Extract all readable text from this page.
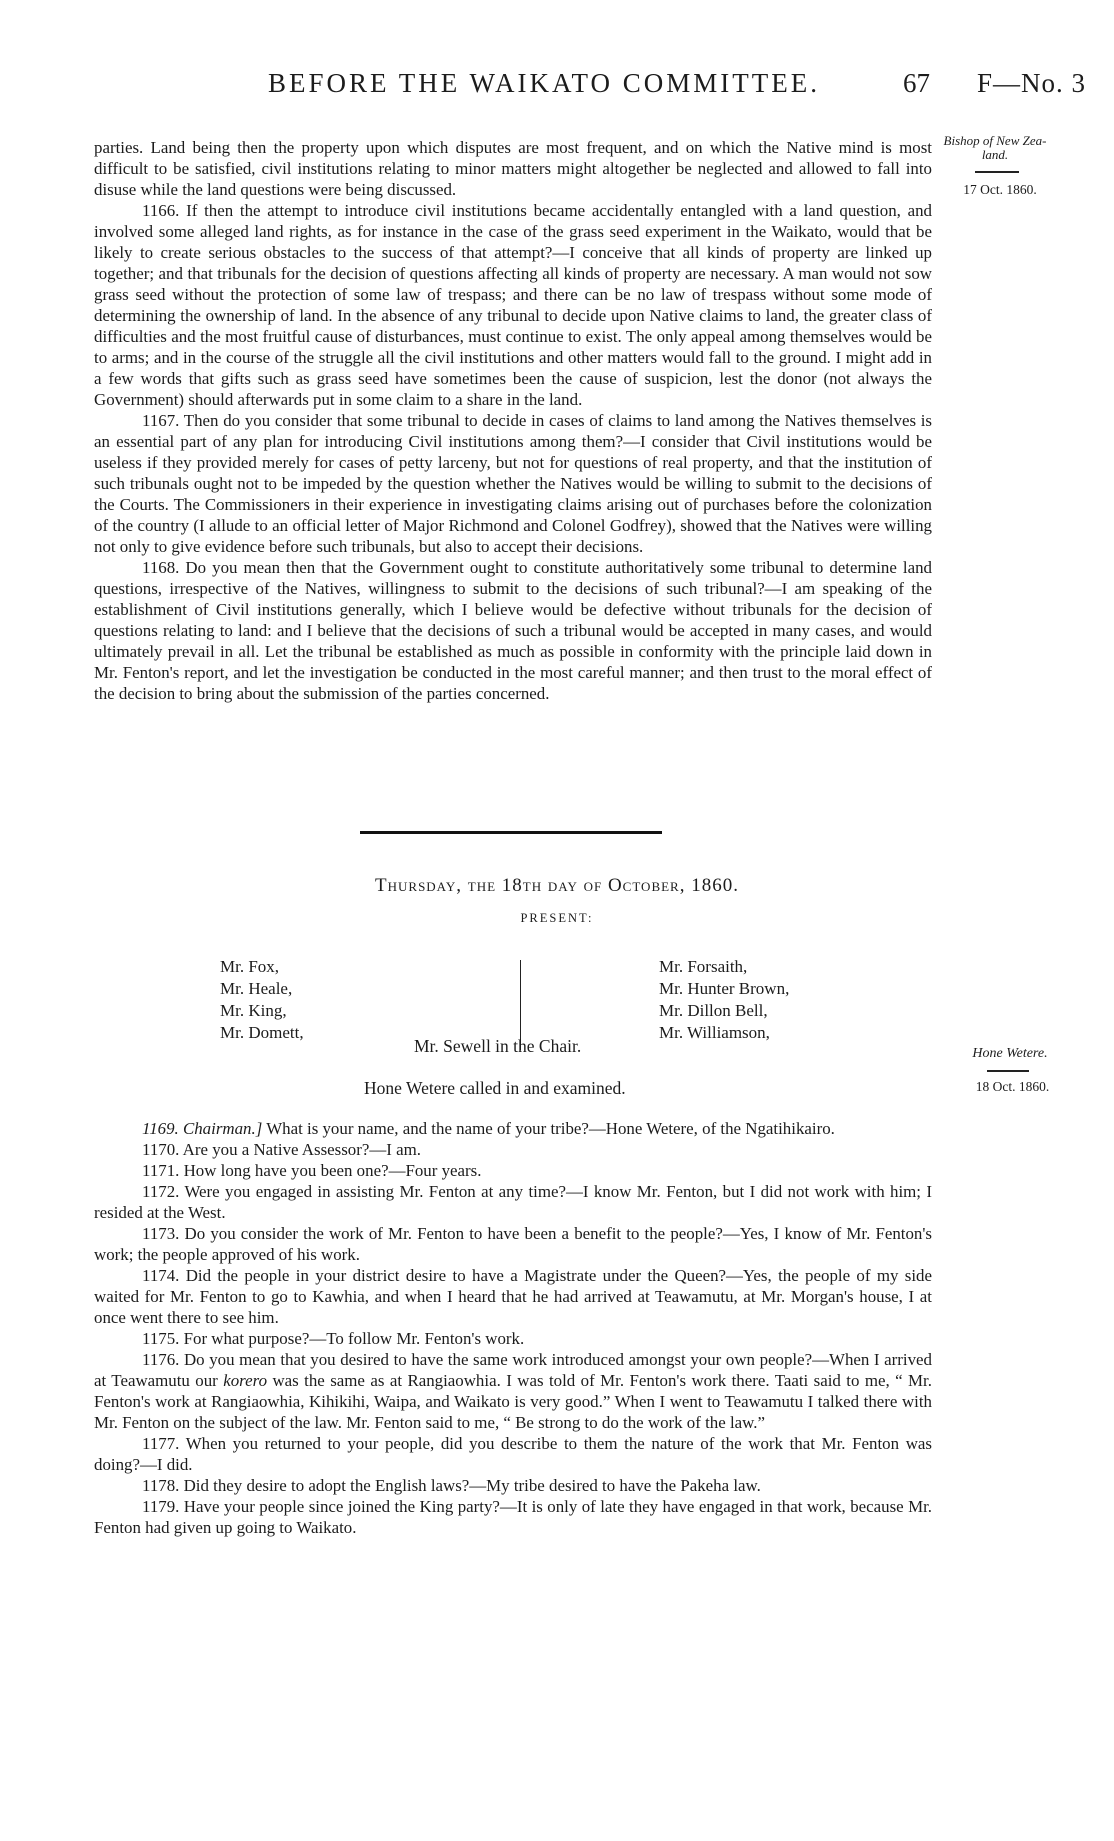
BEFORE THE WAIKATO COMMITTEE.	67 F—No. 3
Bishop of New Zea-land.
17 Oct. 1860.

parties. Land being then the property upon which disputes are most frequent, and on which the Native mind is most difficult to be satisfied, civil institutions relating to minor matters might altogether be neglected and allowed to fall into disuse while the land questions were being discussed.

1166. If then the attempt to introduce civil institutions became accidentally entangled with a land question, and involved some alleged land rights, as for instance in the case of the grass seed experiment in the Waikato, would that be likely to create serious obstacles to the success of that attempt?—I conceive that all kinds of property are linked up together; and that tribunals for the decision of questions affecting all kinds of property are necessary. A man would not sow grass seed without the protection of some law of trespass; and there can be no law of trespass without some mode of determining the ownership of land. In the absence of any tribunal to decide upon Native claims to land, the greater class of difficulties and the most fruitful cause of disturbances, must continue to exist. The only appeal among themselves would be to arms; and in the course of the struggle all the civil institutions and other matters would fall to the ground. I might add in a few words that gifts such as grass seed have sometimes been the cause of suspicion, lest the donor (not always the Government) should afterwards put in some claim to a share in the land.

1167. Then do you consider that some tribunal to decide in cases of claims to land among the Natives themselves is an essential part of any plan for introducing Civil institutions among them?—I consider that Civil institutions would be useless if they provided merely for cases of petty larceny, but not for questions of real property, and that the institution of such tribunals ought not to be impeded by the question whether the Natives would be willing to submit to the decisions of the Courts. The Commissioners in their experience in investigating claims arising out of purchases before the colonization of the country (I allude to an official letter of Major Richmond and Colonel Godfrey), showed that the Natives were willing not only to give evidence before such tribunals, but also to accept their decisions.

1168. Do you mean then that the Government ought to constitute authoritatively some tribunal to determine land questions, irrespective of the Natives, willingness to submit to the decisions of such tribunal?—I am speaking of the establishment of Civil institutions generally, which I believe would be defective without tribunals for the decision of questions relating to land: and I believe that the decisions of such a tribunal would be accepted in many cases, and would ultimately prevail in all. Let the tribunal be established as much as possible in conformity with the principle laid down in Mr. Fenton's report, and let the investigation be conducted in the most careful manner; and then trust to the moral effect of the decision to bring about the submission of the parties concerned.

Thursday, the 18th day of October, 1860.
PRESENT:
Mr. Fox,
Mr. Heale,
Mr. King,
Mr. Domett,
Mr. Forsaith,
Mr. Hunter Brown,
Mr. Dillon Bell,
Mr. Williamson,
Mr. Sewell in the Chair.
Hone Wetere called in and examined.
Hone Wetere.
18 Oct. 1860.

1169. Chairman.] What is your name, and the name of your tribe?—Hone Wetere, of the Ngatihikairo.

1170. Are you a Native Assessor?—I am.

1171. How long have you been one?—Four years.

1172. Were you engaged in assisting Mr. Fenton at any time?—I know Mr. Fenton, but I did not work with him; I resided at the West.

1173. Do you consider the work of Mr. Fenton to have been a benefit to the people?—Yes, I know of Mr. Fenton's work; the people approved of his work.

1174. Did the people in your district desire to have a Magistrate under the Queen?—Yes, the people of my side waited for Mr. Fenton to go to Kawhia, and when I heard that he had arrived at Teawamutu, at Mr. Morgan's house, I at once went there to see him.

1175. For what purpose?—To follow Mr. Fenton's work.

1176. Do you mean that you desired to have the same work introduced amongst your own people?—When I arrived at Teawamutu our korero was the same as at Rangiaowhia. I was told of Mr. Fenton's work there. Taati said to me, “ Mr. Fenton's work at Rangiaowhia, Kihikihi, Waipa, and Waikato is very good.” When I went to Teawamutu I talked there with Mr. Fenton on the subject of the law. Mr. Fenton said to me, “ Be strong to do the work of the law.”

1177. When you returned to your people, did you describe to them the nature of the work that Mr. Fenton was doing?—I did.

1178. Did they desire to adopt the English laws?—My tribe desired to have the Pakeha law.

1179. Have your people since joined the King party?—It is only of late they have engaged in that work, because Mr. Fenton had given up going to Waikato.
